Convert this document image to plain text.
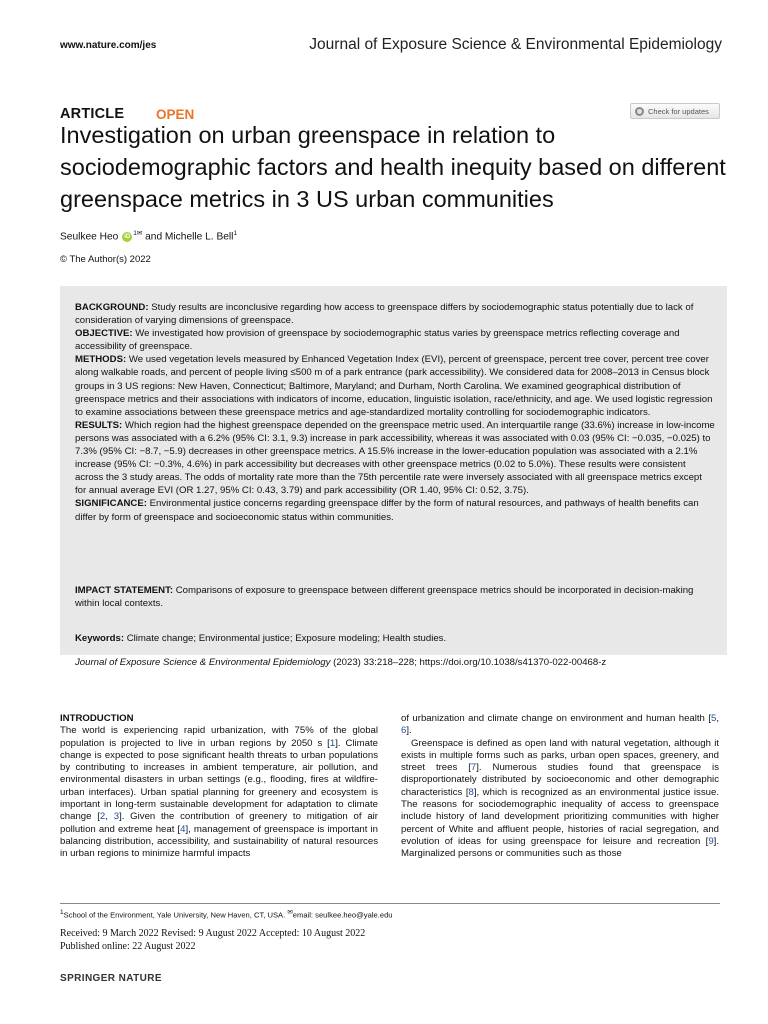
www.nature.com/jes	Journal of Exposure Science & Environmental Epidemiology
ARTICLE OPEN	Check for updates
Investigation on urban greenspace in relation to sociodemographic factors and health inequity based on different greenspace metrics in 3 US urban communities
Seulkee Heo iD $^{1✉}$ and Michelle L. Bell$^1$
© The Author(s) 2022

BACKGROUND: Study results are inconclusive regarding how access to greenspace differs by sociodemographic status potentially due to lack of consideration of varying dimensions of greenspace.
OBJECTIVE: We investigated how provision of greenspace by sociodemographic status varies by greenspace metrics reflecting coverage and accessibility of greenspace.
METHODS: We used vegetation levels measured by Enhanced Vegetation Index (EVI), percent of greenspace, percent tree cover, percent tree cover along walkable roads, and percent of people living ≤500 m of a park entrance (park accessibility). We considered data for 2008–2013 in Census block groups in 3 US regions: New Haven, Connecticut; Baltimore, Maryland; and Durham, North Carolina. We examined geographical distribution of greenspace metrics and their associations with indicators of income, education, linguistic isolation, race/ethnicity, and age. We used logistic regression to examine associations between these greenspace metrics and age-standardized mortality controlling for sociodemographic indicators.
RESULTS: Which region had the highest greenspace depended on the greenspace metric used. An interquartile range (33.6%) increase in low-income persons was associated with a 6.2% (95% CI: 3.1, 9.3) increase in park accessibility, whereas it was associated with 0.03 (95% CI: −0.035, −0.025) to 7.3% (95% CI: −8.7, −5.9) decreases in other greenspace metrics. A 15.5% increase in the lower-education population was associated with a 2.1% increase (95% CI: −0.3%, 4.6%) in park accessibility but decreases with other greenspace metrics (0.02 to 5.0%). These results were consistent across the 3 study areas. The odds of mortality rate more than the 75th percentile rate were inversely associated with all greenspace metrics except for annual average EVI (OR 1.27, 95% CI: 0.43, 3.79) and park accessibility (OR 1.40, 95% CI: 0.52, 3.75).
SIGNIFICANCE: Environmental justice concerns regarding greenspace differ by the form of natural resources, and pathways of health benefits can differ by form of greenspace and socioeconomic status within communities.

IMPACT STATEMENT: Comparisons of exposure to greenspace between different greenspace metrics should be incorporated in decision-making within local contexts.

Keywords: Climate change; Environmental justice; Exposure modeling; Health studies.

Journal of Exposure Science & Environmental Epidemiology (2023) 33:218–228; https://doi.org/10.1038/s41370-022-00468-z

INTRODUCTION

The world is experiencing rapid urbanization, with 75% of the global population is projected to live in urban regions by 2050 s [1]. Climate change is expected to pose significant health threats to urban populations by contributing to increases in ambient temperature, air pollution, and environmental disasters in urban settings (e.g., flooding, fires at wildfire-urban interfaces). Urban spatial planning for greenery and ecosystem is important in long-term sustainable development for adaptation to climate change [2, 3]. Given the contribution of greenery to mitigation of air pollution and extreme heat [4], management of greenspace is important in balancing distribution, accessibility, and sustainability of natural resources in urban regions to minimize harmful impacts

of urbanization and climate change on environment and human health [5, 6].

Greenspace is defined as open land with natural vegetation, although it exists in multiple forms such as parks, urban open spaces, greenery, and street trees [7]. Numerous studies found that greenspace is disproportionately distributed by socioeconomic and other demographic characteristics [8], which is recognized as an environmental justice issue. The reasons for sociodemographic inequality of access to greenspace include history of land development prioritizing communities with higher percent of White and affluent people, histories of racial segregation, and evolution of ideas for using greenspace for leisure and recreation [9]. Marginalized persons or communities such as those

$^1$School of the Environment, Yale University, New Haven, CT, USA. ✉email: seulkee.heo@yale.edu
Received: 9 March 2022 Revised: 9 August 2022 Accepted: 10 August 2022
Published online: 22 August 2022
SPRINGER NATURE
